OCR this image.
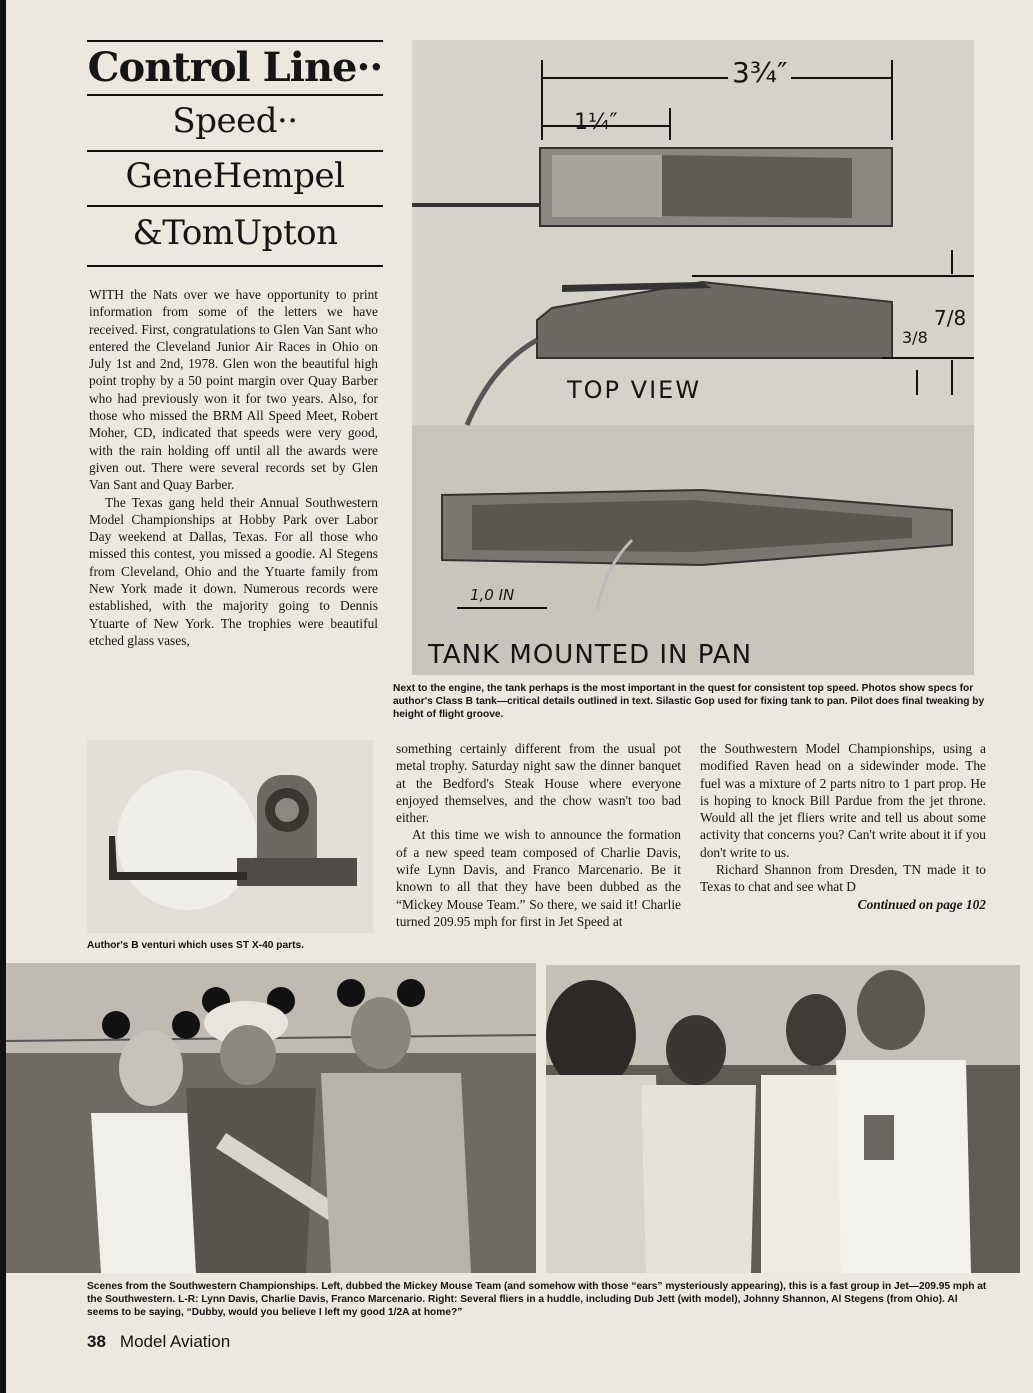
Control Line··
Speed··
GeneHempel
&TomUpton

WITH the Nats over we have opportunity to print information from some of the letters we have received. First, congratulations to Glen Van Sant who entered the Cleveland Junior Air Races in Ohio on July 1st and 2nd, 1978. Glen won the beautiful high point trophy by a 50 point margin over Quay Barber who had previously won it for two years. Also, for those who missed the BRM All Speed Meet, Robert Moher, CD, indicated that speeds were very good, with the rain holding off until all the awards were given out. There were several records set by Glen Van Sant and Quay Barber.

The Texas gang held their Annual Southwestern Model Championships at Hobby Park over Labor Day weekend at Dallas, Texas. For all those who missed this contest, you missed a goodie. Al Stegens from Cleveland, Ohio and the Ytuarte family from New York made it down. Numerous records were established, with the majority going to Dennis Ytuarte of New York. The trophies were beautiful etched glass vases,

3¾″
1¼″
7/8
3/8
TOP VIEW
1,0 IN
TANK MOUNTED IN PAN
Next to the engine, the tank perhaps is the most important in the quest for consistent top speed. Photos show specs for author's Class B tank—critical details outlined in text. Silastic Gop used for fixing tank to pan. Pilot does final tweaking by height of flight groove.
Author's B venturi which uses ST X-40 parts.

something certainly different from the usual pot metal trophy. Saturday night saw the dinner banquet at the Bedford's Steak House where everyone enjoyed themselves, and the chow wasn't too bad either.

At this time we wish to announce the formation of a new speed team composed of Charlie Davis, wife Lynn Davis, and Franco Marcenario. Be it known to all that they have been dubbed as the “Mickey Mouse Team.” So there, we said it! Charlie turned 209.95 mph for first in Jet Speed at

the Southwestern Model Championships, using a modified Raven head on a sidewinder mode. The fuel was a mixture of 2 parts nitro to 1 part prop. He is hoping to knock Bill Pardue from the jet throne. Would all the jet fliers write and tell us about some activity that concerns you? Can't write about it if you don't write to us.

Richard Shannon from Dresden, TN made it to Texas to chat and see what D

Continued on page 102
Scenes from the Southwestern Championships. Left, dubbed the Mickey Mouse Team (and somehow with those “ears” mysteriously appearing), this is a fast group in Jet—209.95 mph at the Southwestern. L-R: Lynn Davis, Charlie Davis, Franco Marcenario. Right: Several fliers in a huddle, including Dub Jett (with model), Johnny Shannon, Al Stegens (from Ohio). Al seems to be saying, “Dubby, would you believe I left my good 1/2A at home?”
38 Model Aviation
